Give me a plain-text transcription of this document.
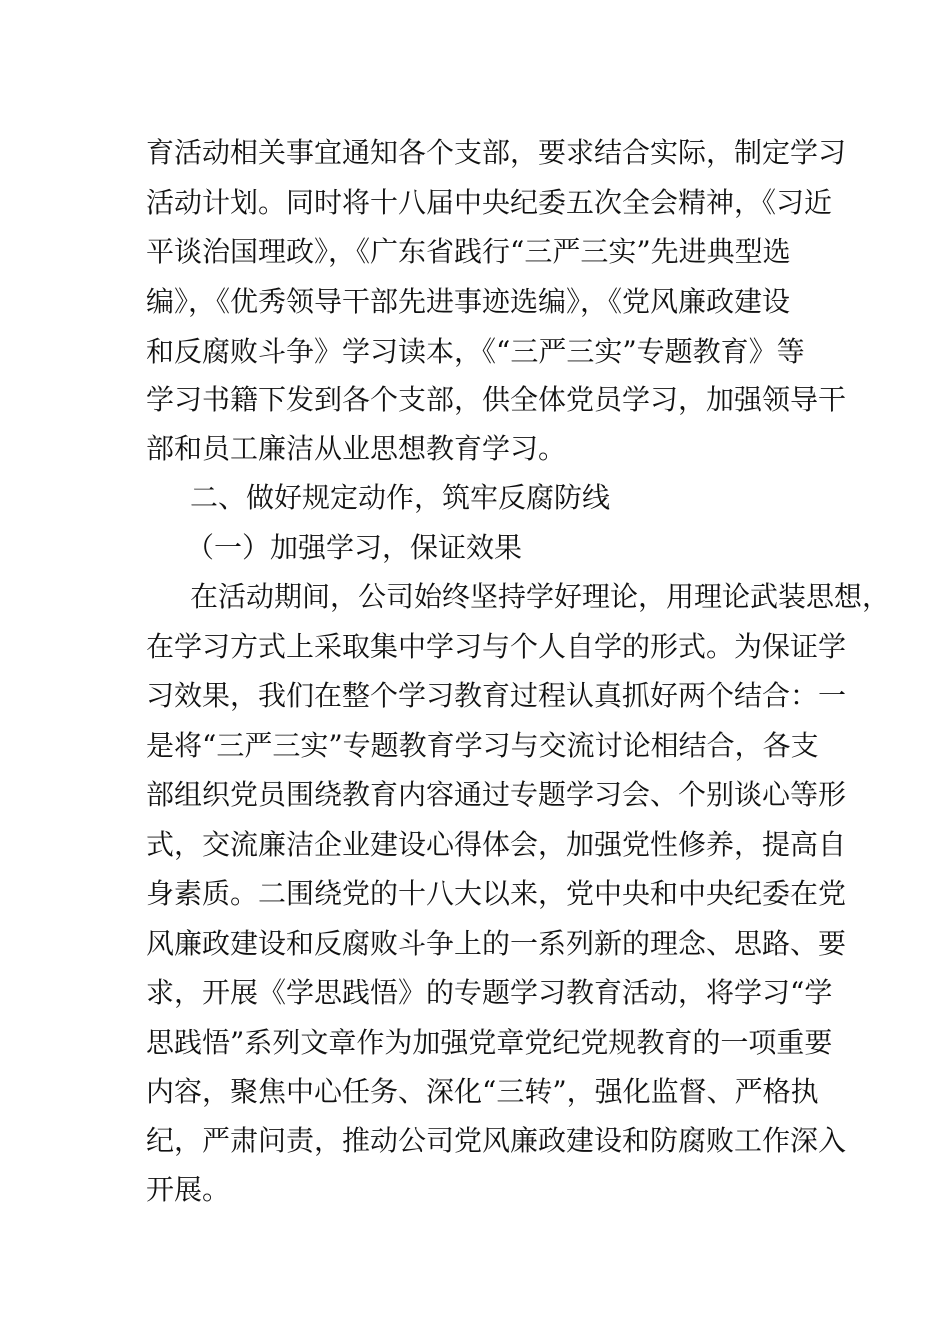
育活动相关事宜通知各个支部，要求结合实际，制定学习
活动计划。同时将十八届中央纪委五次全会精神，《习近
平谈治国理政》，《广东省践行“三严三实”先进典型选
编》，《优秀领导干部先进事迹选编》，《党风廉政建设
和反腐败斗争》学习读本，《“三严三实”专题教育》等
学习书籍下发到各个支部，供全体党员学习，加强领导干
部和员工廉洁从业思想教育学习。
二、做好规定动作，筑牢反腐防线
（一）加强学习，保证效果
在活动期间，公司始终坚持学好理论，用理论武装思想，
在学习方式上采取集中学习与个人自学的形式。为保证学
习效果，我们在整个学习教育过程认真抓好两个结合：一
是将“三严三实”专题教育学习与交流讨论相结合，各支
部组织党员围绕教育内容通过专题学习会、个别谈心等形
式，交流廉洁企业建设心得体会，加强党性修养，提高自
身素质。二围绕党的十八大以来，党中央和中央纪委在党
风廉政建设和反腐败斗争上的一系列新的理念、思路、要
求，开展《学思践悟》的专题学习教育活动，将学习“学
思践悟”系列文章作为加强党章党纪党规教育的一项重要
内容，聚焦中心任务、深化“三转”，强化监督、严格执
纪，严肃问责，推动公司党风廉政建设和防腐败工作深入
开展。
